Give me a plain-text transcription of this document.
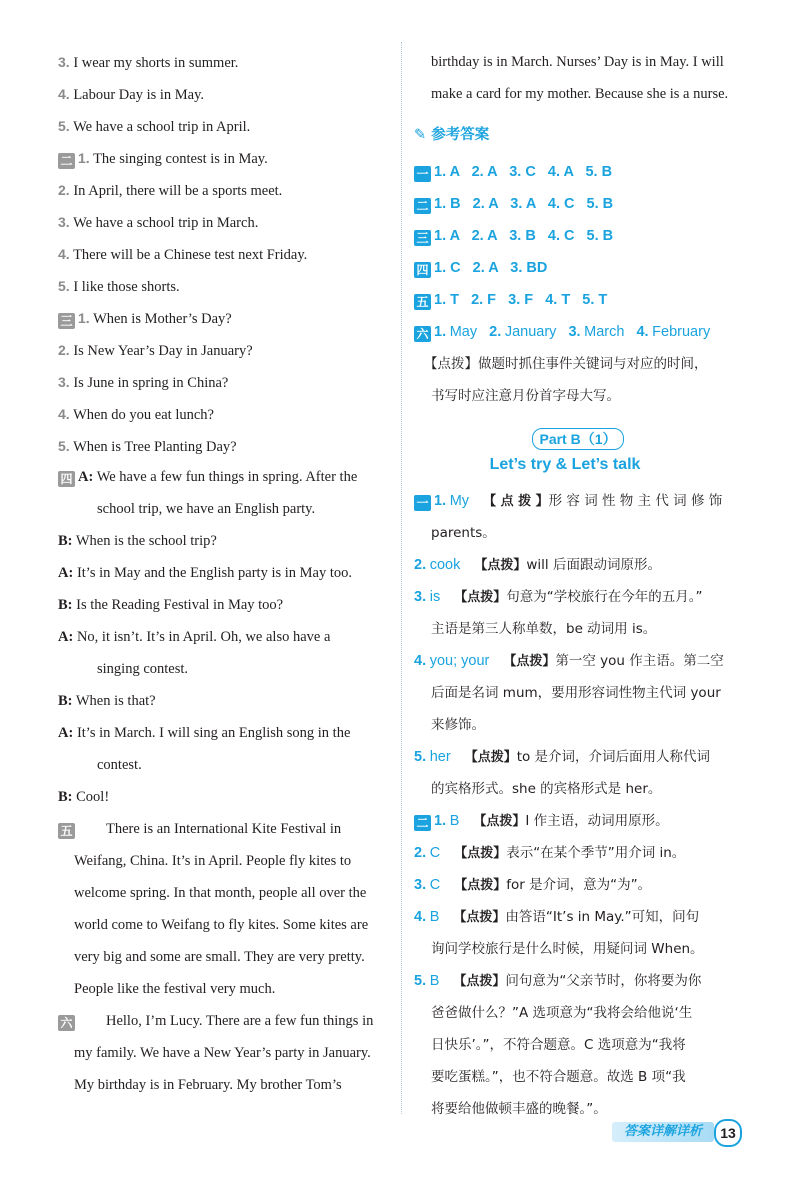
3. I wear my shorts in summer.
4. Labour Day is in May.
5. We have a school trip in April.
二 1. The singing contest is in May.
2. In April, there will be a sports meet.
3. We have a school trip in March.
4. There will be a Chinese test next Friday.
5. I like those shorts.
三 1. When is Mother’s Day?
2. Is New Year’s Day in January?
3. Is June in spring in China?
4. When do you eat lunch?
5. When is Tree Planting Day?
四 A: We have a few fun things in spring. After the
school trip, we have an English party.
B: When is the school trip?
A: It’s in May and the English party is in May too.
B: Is the Reading Festival in May too?
A: No, it isn’t. It’s in April. Oh, we also have a
singing contest.
B: When is that?
A: It’s in March. I will sing an English song in the
contest.
B: Cool!
五 There is an International Kite Festival in
Weifang, China. It’s in April. People fly kites to
welcome spring. In that month, people all over the
world come to Weifang to fly kites. Some kites are
very big and some are small. They are very pretty.
People like the festival very much.
六 Hello, I’m Lucy. There are a few fun things in
my family. We have a New Year’s party in January.
My birthday is in February. My brother Tom’s
birthday is in March. Nurses’ Day is in May. I will
make a card for my mother. Because she is a nurse.
一 1. A   2. A   3. C   4. A   5. B
二 1. B   2. A   3. A   4. C   5. B
三 1. A   2. A   3. B   4. C   5. B
四 1. C   2. A   3. BD
五 1. T   2. F   3. F   4. T   5. T
六 1. May 2. January 3. March 4. February
【点拨】做题时抓住事件关键词与对应的时间，
书写时应注意月份首字母大写。
一 1. My 【 点 拨 】形 容 词 性 物 主 代 词 修 饰
parents。
2. cook 【点拨】will 后面跟动词原形。
3. is 【点拨】句意为“学校旅行在今年的五月。”
主语是第三人称单数，be 动词用 is。
4. you; your 【点拨】第一空 you 作主语。第二空
后面是名词 mum，要用形容词性物主代词 your
来修饰。
5. her 【点拨】to 是介词，介词后面用人称代词
的宾格形式。she 的宾格形式是 her。
二 1. B 【点拨】I 作主语，动词用原形。
2. C 【点拨】表示“在某个季节”用介词 in。
3. C 【点拨】for 是介词，意为“为”。
4. B 【点拨】由答语“It’s in May.”可知，问句
询问学校旅行是什么时候，用疑问词 When。
5. B 【点拨】问句意为“父亲节时，你将要为你
爸爸做什么？”A 选项意为“我将会给他说‘生
日快乐’。”，不符合题意。C 选项意为“我将
要吃蛋糕。”，也不符合题意。故选 B 项“我
将要给他做顿丰盛的晚餐。”。
✎ 参考答案
Part B（1）
Let’s try & Let’s talk
答案详解详析 13
